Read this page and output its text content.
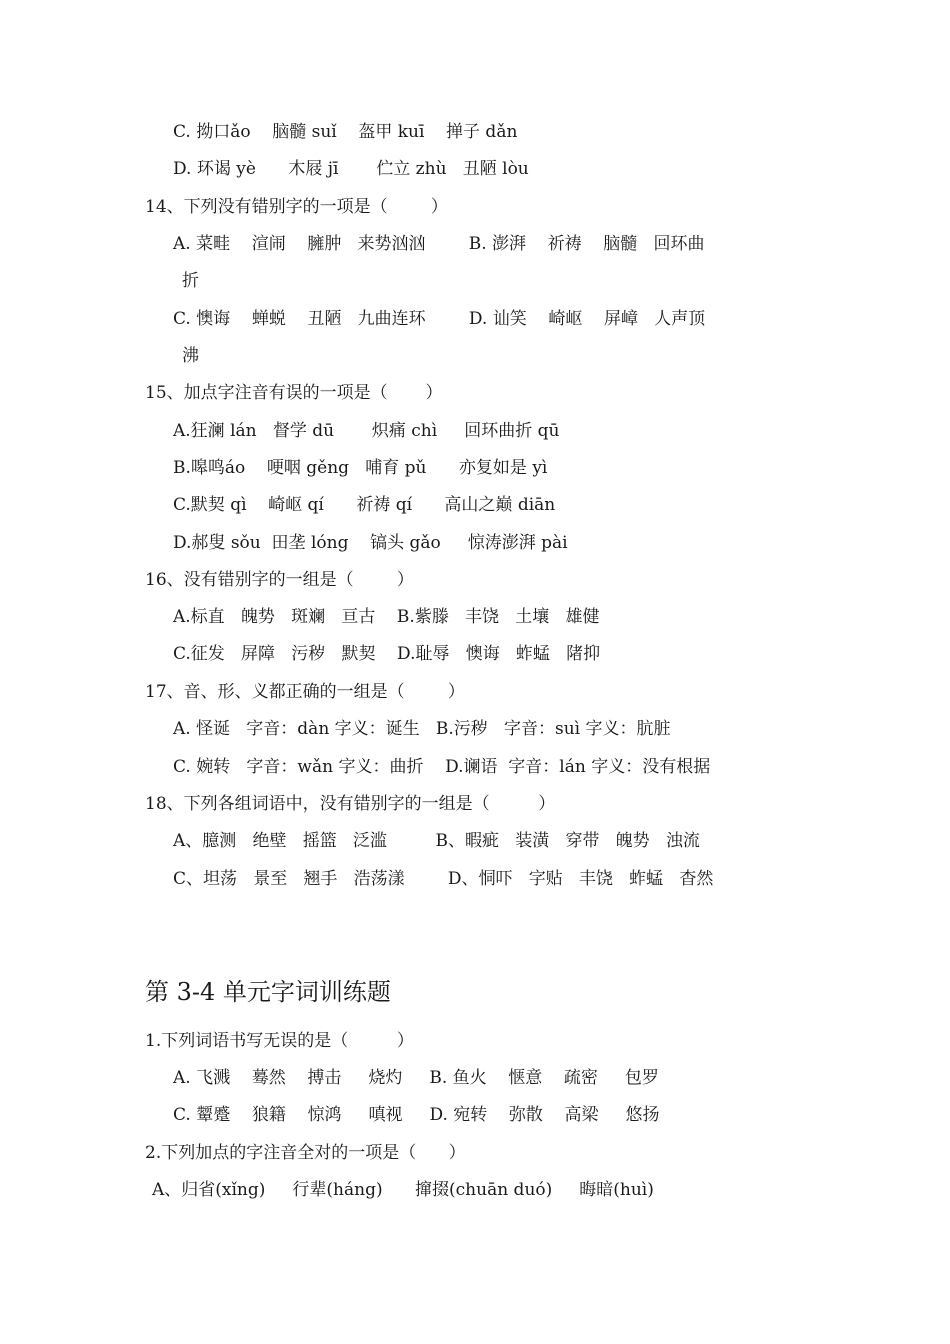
C. 拗口ǎo    脑髓 suǐ    盔甲 kuī    掸子 dǎn
D. 环谒 yè      木屐 jī       伫立 zhù   丑陋 lòu
14、下列没有错别字的一项是（        ）
A. 菜畦    渲闹    臃肿   来势汹汹        B. 澎湃    祈祷    脑髓   回环曲
折
C. 懊诲    蝉蜕    丑陋   九曲连环        D. 讪笑    崎岖    屏嶂   人声顶
沸
15、加点字注音有误的一项是（       ）
A.狂澜 lán   督学 dū       炽痛 chì     回环曲折 qū
B.嗥鸣áo    哽咽 gěng   哺育 pǔ      亦复如是 yì
C.默契 qì    崎岖 qí      祈祷 qí      高山之巅 diān
D.郝叟 sǒu  田垄 lóng    镐头 gǎo     惊涛澎湃 pài
16、没有错别字的一组是（        ）
A.标直   魄势   斑斓   亘古    B.紫滕   丰饶   土壤   雄健
C.征发   屏障   污秽   默契    D.耻辱   懊诲   蚱蜢   陼抑
17、音、形、义都正确的一组是（        ）
A. 怪诞   字音：dàn 字义：诞生   B.污秽   字音：suì 字义：肮脏
C. 婉转   字音：wǎn 字义：曲折    D.谰语  字音：lán 字义：没有根据
18、下列各组词语中，没有错别字的一组是（         ）
A、臆测   绝壁   摇篮   泛滥         B、暇疵   装潢   穿带   魄势   浊流
C、坦荡   景至   翘手   浩荡漾        D、恫吓   字贴   丰饶   蚱蜢   杳然
第 3-4 单元字词训练题
1.下列词语书写无误的是（         ）
A. 飞溅    蓦然    搏击     烧灼     B. 鱼火    惬意    疏密     包罗
C. 颦蹙    狼籍    惊鸿     嗔视     D. 宛转    弥散    高梁     悠扬
2.下列加点的字注音全对的一项是（      ）
A、归省(xǐng)     行辈(háng)      撺掇(chuān duó)     晦暗(huì)
